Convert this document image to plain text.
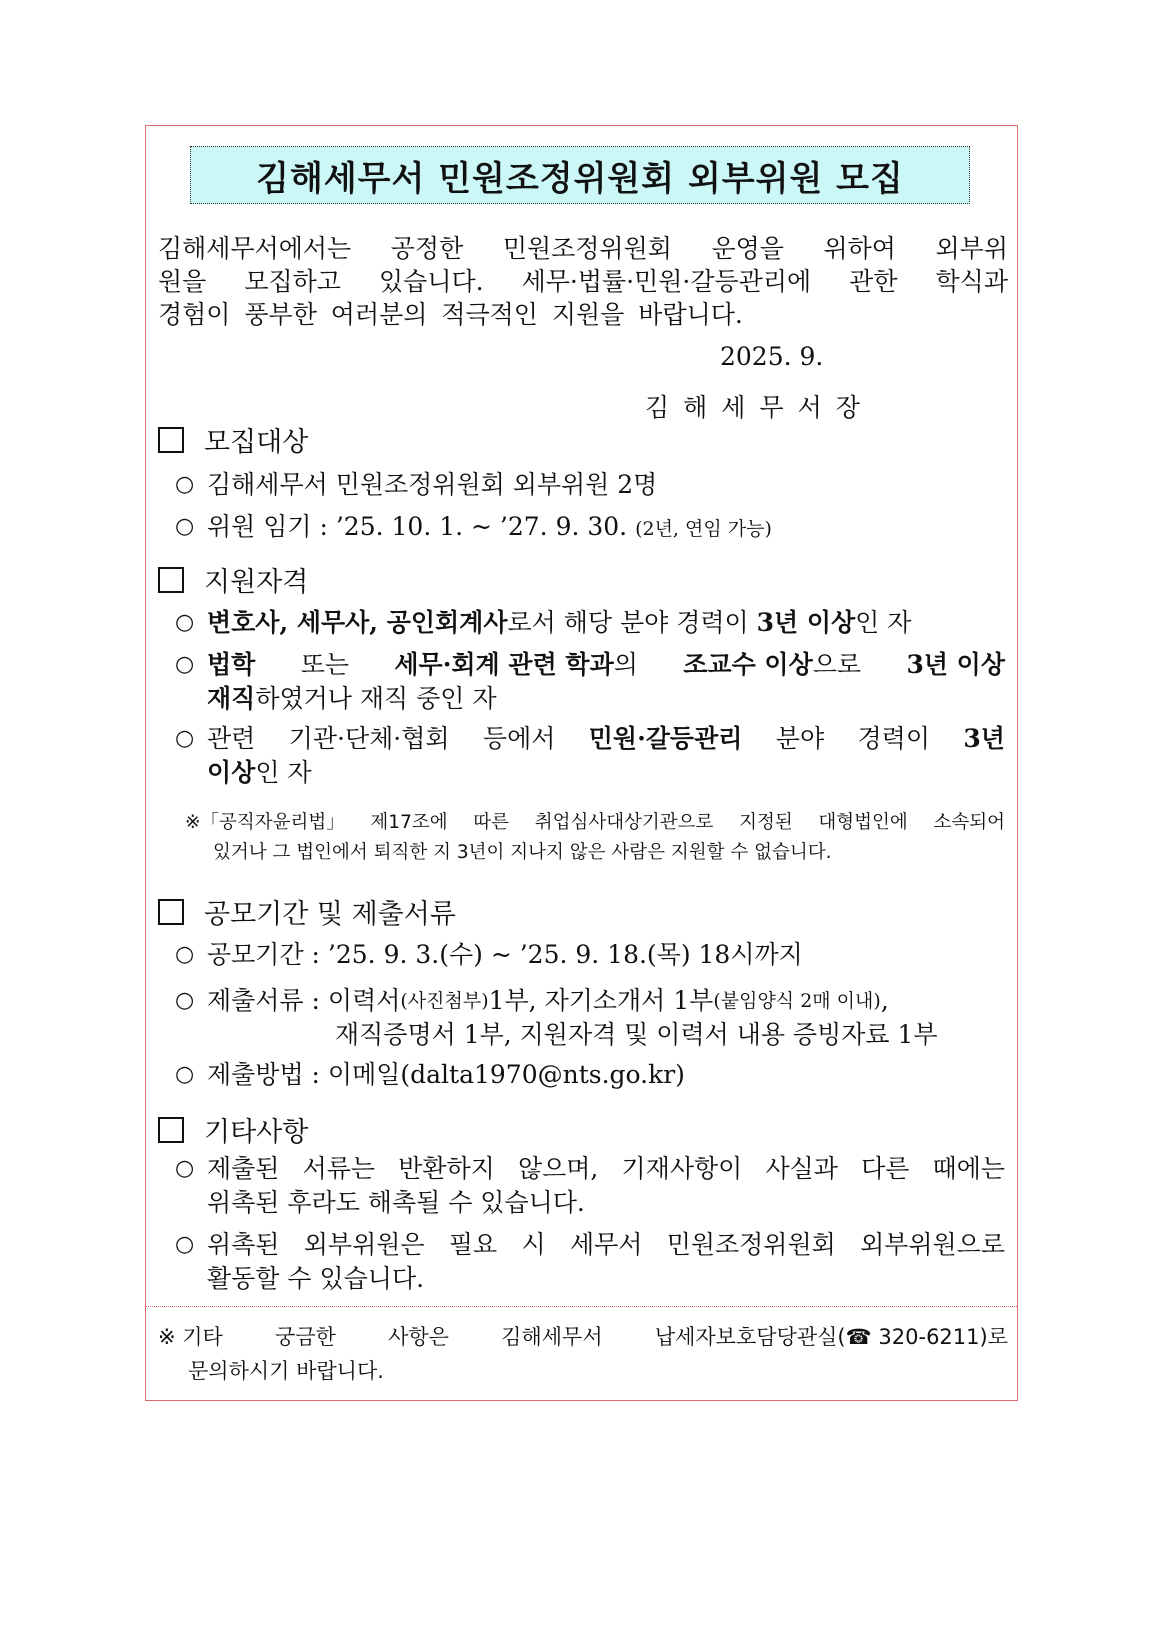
김해세무서 민원조정위원회 외부위원 모집
김해세무서에서는 공정한 민원조정위원회 운영을 위하여 외부위
원을 모집하고 있습니다. 세무·법률·민원·갈등관리에 관한 학식과
경험이 풍부한 여러분의 적극적인 지원을 바랍니다.
2025. 9.
김해세무서장
모집대상
○ 김해세무서 민원조정위원회 외부위원 2명
○ 위원 임기 : ’25. 10. 1. ~ ’27. 9. 30. (2년, 연임 가능)
지원자격
○ 변호사, 세무사, 공인회계사로서 해당 분야 경력이 3년 이상인 자
○ 법학 또는 세무·회계 관련 학과의 조교수 이상으로 3년 이상
재직 하였거나 재직 중인 자
○ 관련 기관·단체·협회 등에서 민원·갈등관리 분야 경력이 3년
이상 인 자
※「공직자윤리법」 제17조에 따른 취업심사대상기관으로 지정된 대형법인에 소속되어
있거나 그 법인에서 퇴직한 지 3년이 지나지 않은 사람은 지원할 수 없습니다.
공모기간 및 제출서류
○ 공모기간 : ’25. 9. 3.(수) ~ ’25. 9. 18.(목) 18시까지
○ 제출서류 : 이력서 (사진첨부) 1부, 자기소개서 1부 (붙임양식 2매 이내) ,
재직증명서 1부, 지원자격 및 이력서 내용 증빙자료 1부
○ 제출방법 : 이메일(dalta1970@nts.go.kr)
기타사항
○ 제출된 서류는 반환하지 않으며, 기재사항이 사실과 다른 때에는
위촉된 후라도 해촉될 수 있습니다.
○ 위촉된 외부위원은 필요 시 세무서 민원조정위원회 외부위원으로
활동할 수 있습니다.
※ 기타 궁금한 사항은 김해세무서 납세자보호담당관실(☎ 320-6211)로
문의하시기 바랍니다.
